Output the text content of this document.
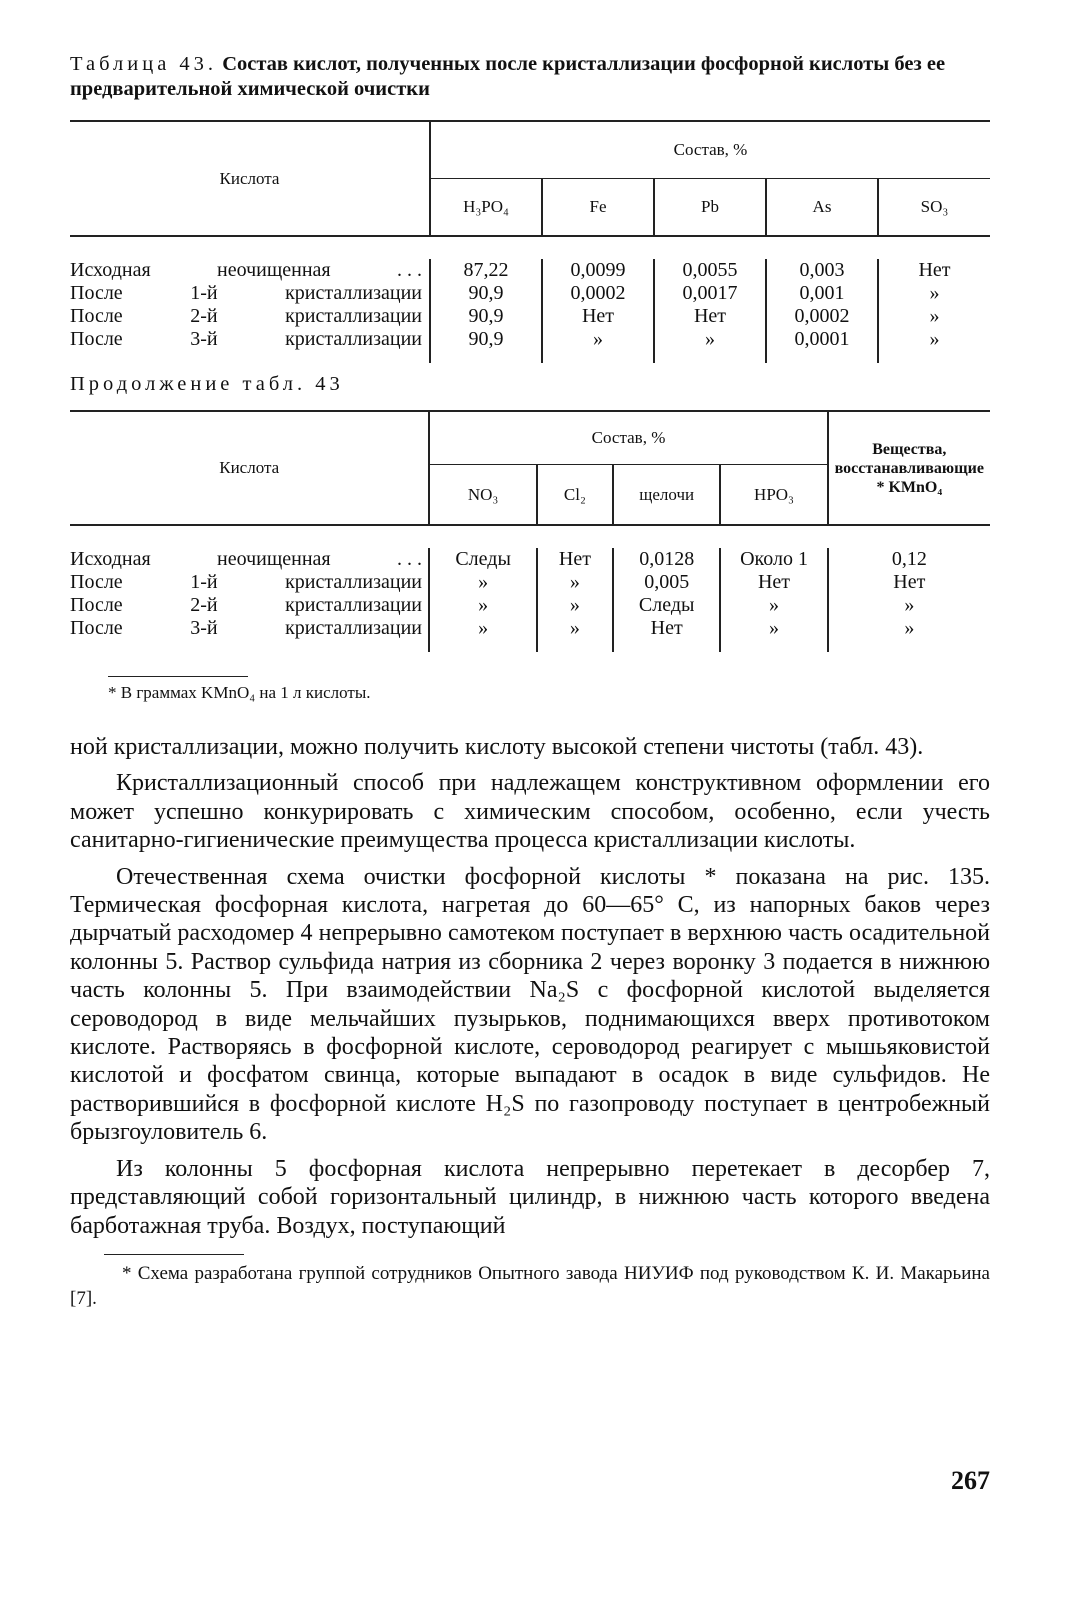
Таблица 43. Состав кислот, полученных после кристаллизации фосфорной кислоты без ее предварительной химической очистки

Кислота	Состав, %				
	H₃PO₄	Fe	Pb	As	SO₃

Исходная неочищенная . . .	87,22	0,0099	0,0055	0,003	Нет

После 1-й кристаллизации	90,9	0,0002	0,0017	0,001	»

После 2-й кристаллизации	90,9	Нет	Нет	0,0002	»

После 3-й кристаллизации	90,9	»	»	0,0001	»

Продолжение табл. 43

Кислота	Состав, %				Вещества, восстанавливающие * KMnO₄
	NO₃	Cl₂	щелочи	HPO₃	

Исходная неочищенная . . .	Следы	Нет	0,0128	Около 1	0,12

После 1-й кристаллизации	»	»	0,005	Нет	Нет

После 2-й кристаллизации	»	»	Следы	»	»

После 3-й кристаллизации	»	»	Нет	»	»

* В граммах KMnO₄ на 1 л кислоты.

ной кристаллизации, можно получить кислоту высокой степени чистоты (табл. 43).

Кристаллизационный способ при надлежащем конструктивном оформлении его может успешно конкурировать с химическим способом, особенно, если учесть санитарно-гигиенические преимущества процесса кристаллизации кислоты.

Отечественная схема очистки фосфорной кислоты * показана на рис. 135. Термическая фосфорная кислота, нагретая до 60—65° С, из напорных баков через дырчатый расходомер 4 непрерывно самотеком поступает в верхнюю часть осадительной колонны 5. Раствор сульфида натрия из сборника 2 через воронку 3 подается в нижнюю часть колонны 5. При взаимодействии Na₂S с фосфорной кислотой выделяется сероводород в виде мельчайших пузырьков, поднимающихся вверх противотоком кислоте. Растворяясь в фосфорной кислоте, сероводород реагирует с мышьяковистой кислотой и фосфатом свинца, которые выпадают в осадок в виде сульфидов. Не растворившийся в фосфорной кислоте H₂S по газопроводу поступает в центробежный брызгоуловитель 6.

Из колонны 5 фосфорная кислота непрерывно перетекает в десорбер 7, представляющий собой горизонтальный цилиндр, в нижнюю часть которого введена барботажная труба. Воздух, поступающий

* Схема разработана группой сотрудников Опытного завода НИУИФ под руководством К. И. Макарьина [7].

267
